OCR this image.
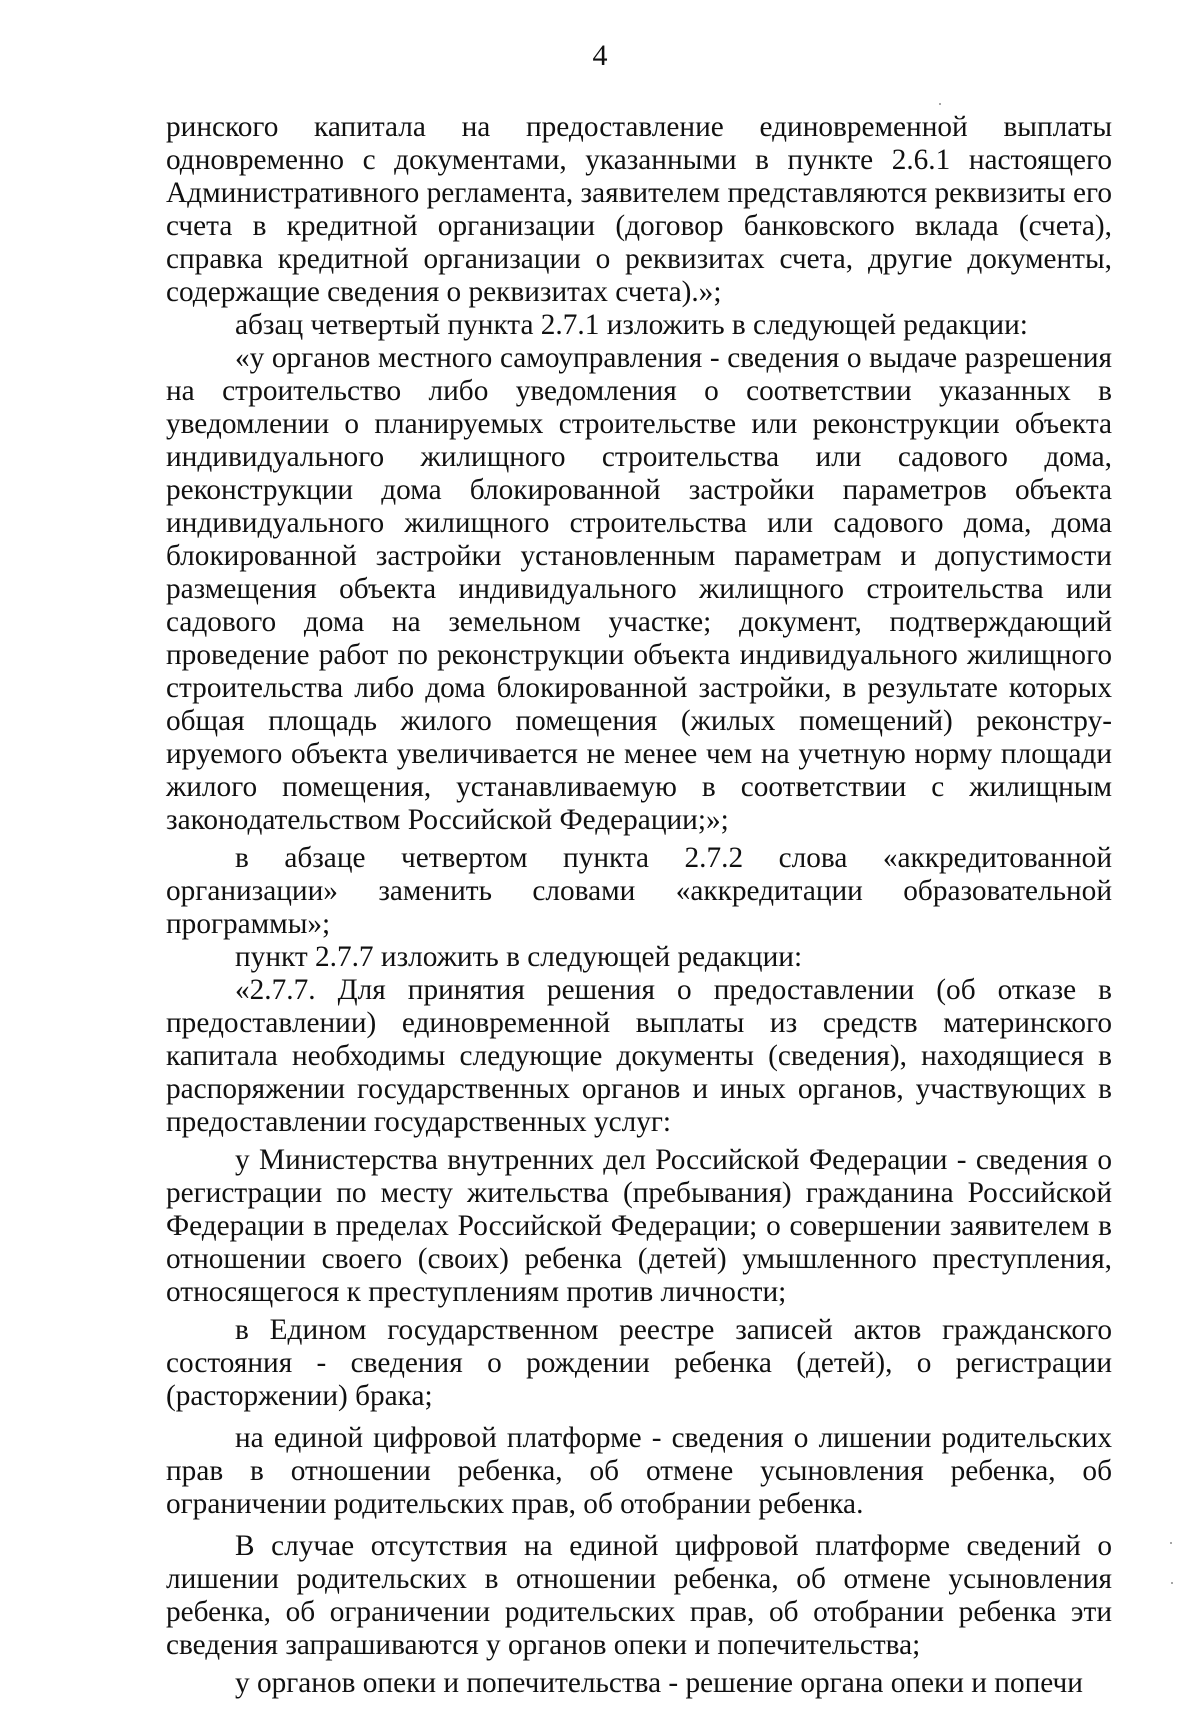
4

ринского капитала на предоставление единовременной выплаты одновременно с документами, указанными в пункте 2.6.1 настоящего Административного регламента, заявителем представляются реквизиты его счета в кредитной организации (договор банковского вклада (счета), справка кредитной организации о реквизитах счета, другие документы, содержащие сведения о реквизитах счета).»;

абзац четвертый пункта 2.7.1 изложить в следующей редакции:

«у органов местного самоуправления - сведения о выдаче разрешения на строительство либо уведомления о соответствии указанных в уведомлении о планируемых строительстве или реконструкции объекта индивидуального жилищного строительства или садового дома, реконструкции дома блокированной застройки параметров объекта индивидуального жилищного строительства или садового дома, дома блокированной застройки установленным параметрам и допустимости размещения объекта индивидуального жилищного строительства или садового дома на земельном участке; документ, подтверждающий проведение работ по реконструкции объекта индивидуального жилищного строительства либо дома блокированной застройки, в результате которых общая площадь жилого помещения (жилых помещений) реконструируемого объекта увеличивается не менее чем на учетную норму площади жилого помещения, устанавливаемую в соответствии с жилищным законодательством Российской Федерации;»;

в абзаце четвертом пункта 2.7.2 слова «аккредитованной организации» заменить словами «аккредитации образовательной программы»;

пункт 2.7.7 изложить в следующей редакции:

«2.7.7. Для принятия решения о предоставлении (об отказе в предоставлении) единовременной выплаты из средств материнского капитала необходимы следующие документы (сведения), находящиеся в распоряжении государственных органов и иных органов, участвующих в предоставлении государственных услуг:

у Министерства внутренних дел Российской Федерации - сведения о регистрации по месту жительства (пребывания) гражданина Российской Федерации в пределах Российской Федерации; о совершении заявителем в отношении своего (своих) ребенка (детей) умышленного преступления, относящегося к преступлениям против личности;

в Едином государственном реестре записей актов гражданского состояния - сведения о рождении ребенка (детей), о регистрации (расторжении) брака;

на единой цифровой платформе - сведения о лишении родительских прав в отношении ребенка, об отмене усыновления ребенка, об ограничении родительских прав, об отобрании ребенка.

В случае отсутствия на единой цифровой платформе сведений о лишении родительских в отношении ребенка, об отмене усыновления ребенка, об ограничении родительских прав, об отобрании ребенка эти сведения запрашиваются у органов опеки и попечительства;

у органов опеки и попечительства - решение органа опеки и попечи
